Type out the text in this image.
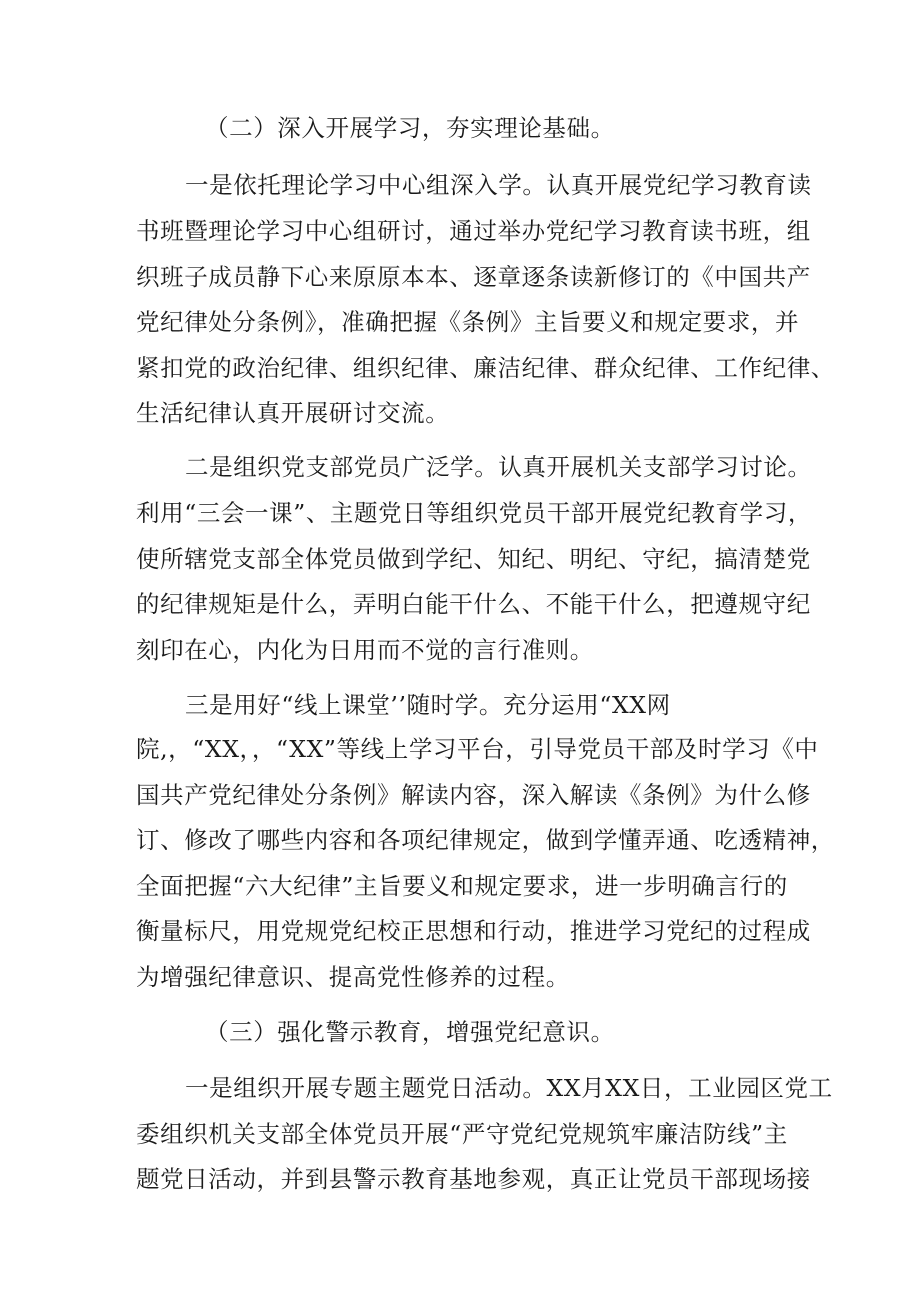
（二）深入开展学习，夯实理论基础。

一是依托理论学习中心组深入学。认真开展党纪学习教育读

书班暨理论学习中心组研讨，通过举办党纪学习教育读书班，组

织班子成员静下心来原原本本、逐章逐条读新修订的《中国共产

党纪律处分条例》，准确把握《条例》主旨要义和规定要求，并

紧扣党的政治纪律、组织纪律、廉洁纪律、群众纪律、工作纪律、

生活纪律认真开展研讨交流。

二是组织党支部党员广泛学。认真开展机关支部学习讨论。

利用“三会一课”、主题党日等组织党员干部开展党纪教育学习，

使所辖党支部全体党员做到学纪、知纪、明纪、守纪，搞清楚党

的纪律规矩是什么，弄明白能干什么、不能干什么，把遵规守纪

刻印在心，内化为日用而不觉的言行准则。

三是用好“线上课堂’’随时学。充分运用“XX网

院,，“XX，，“XX”等线上学习平台，引导党员干部及时学习《中

国共产党纪律处分条例》解读内容，深入解读《条例》为什么修

订、修改了哪些内容和各项纪律规定，做到学懂弄通、吃透精神，

全面把握“六大纪律”主旨要义和规定要求，进一步明确言行的

衡量标尺，用党规党纪校正思想和行动，推进学习党纪的过程成

为增强纪律意识、提高党性修养的过程。

（三）强化警示教育，增强党纪意识。

一是组织开展专题主题党日活动。XX月XX日，工业园区党工

委组织机关支部全体党员开展“严守党纪党规筑牢廉洁防线”主

题党日活动，并到县警示教育基地参观，真正让党员干部现场接
